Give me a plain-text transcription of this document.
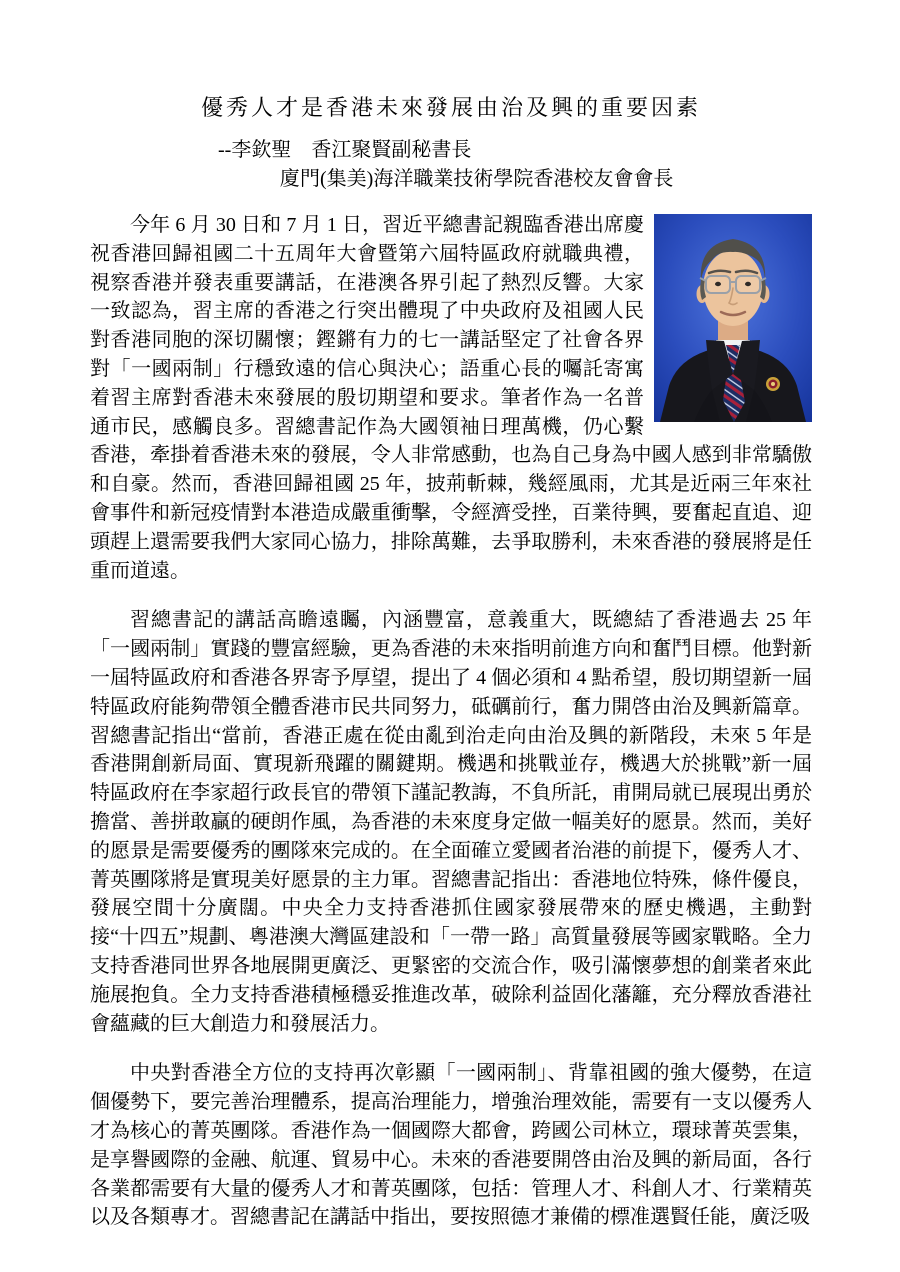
優秀人才是香港未來發展由治及興的重要因素
--李欽聖　香江聚賢副秘書長
廈門(集美)海洋職業技術學院香港校友會會長

今年 6 月 30 日和 7 月 1 日，習近平總書記親臨香港出席慶祝香港回歸祖國二十五周年大會暨第六屆特區政府就職典禮，視察香港并發表重要講話，在港澳各界引起了熱烈反響。大家一致認為，習主席的香港之行突出體現了中央政府及祖國人民對香港同胞的深切關懷；鏗鏘有力的七一講話堅定了社會各界對「一國兩制」行穩致遠的信心與決心；語重心長的囑託寄寓着習主席對香港未來發展的殷切期望和要求。筆者作為一名普通市民，感觸良多。習總書記作為大國領袖日理萬機，仍心繫香港，牽掛着香港未來的發展，令人非常感動，也為自己身為中國人感到非常驕傲和自豪。然而，香港回歸祖國 25 年，披荊斬棘，幾經風雨，尤其是近兩三年來社會事件和新冠疫情對本港造成嚴重衝擊，令經濟受挫，百業待興，要奮起直追、迎頭趕上還需要我們大家同心協力，排除萬難，去爭取勝利，未來香港的發展將是任重而道遠。

習總書記的講話高瞻遠矚，內涵豐富，意義重大，既總結了香港過去 25 年「一國兩制」實踐的豐富經驗，更為香港的未來指明前進方向和奮鬥目標。他對新一屆特區政府和香港各界寄予厚望，提出了 4 個必須和 4 點希望，殷切期望新一屆特區政府能夠帶領全體香港市民共同努力，砥礪前行，奮力開啓由治及興新篇章。習總書記指出“當前，香港正處在從由亂到治走向由治及興的新階段，未來 5 年是香港開創新局面、實現新飛躍的關鍵期。機遇和挑戰並存，機遇大於挑戰”新一屆特區政府在李家超行政長官的帶領下謹記教誨，不負所託，甫開局就已展現出勇於擔當、善拼敢贏的硬朗作風，為香港的未來度身定做一幅美好的愿景。然而，美好的愿景是需要優秀的團隊來完成的。在全面確立愛國者治港的前提下，優秀人才、菁英團隊將是實現美好愿景的主力軍。習總書記指出：香港地位特殊，條件優良，發展空間十分廣闊。中央全力支持香港抓住國家發展帶來的歷史機遇，主動對接“十四五”規劃、粵港澳大灣區建設和「一帶一路」高質量發展等國家戰略。全力支持香港同世界各地展開更廣泛、更緊密的交流合作，吸引滿懷夢想的創業者來此施展抱負。全力支持香港積極穩妥推進改革，破除利益固化藩籬，充分釋放香港社會蘊藏的巨大創造力和發展活力。

中央對香港全方位的支持再次彰顯「一國兩制」、背靠祖國的強大優勢，在這個優勢下，要完善治理體系，提高治理能力，增強治理效能，需要有一支以優秀人才為核心的菁英團隊。香港作為一個國際大都會，跨國公司林立，環球菁英雲集，是享譽國際的金融、航運、貿易中心。未來的香港要開啓由治及興的新局面，各行各業都需要有大量的優秀人才和菁英團隊，包括：管理人才、科創人才、行業精英以及各類專才。習總書記在講話中指出，要按照德才兼備的標准選賢任能，廣泛吸
